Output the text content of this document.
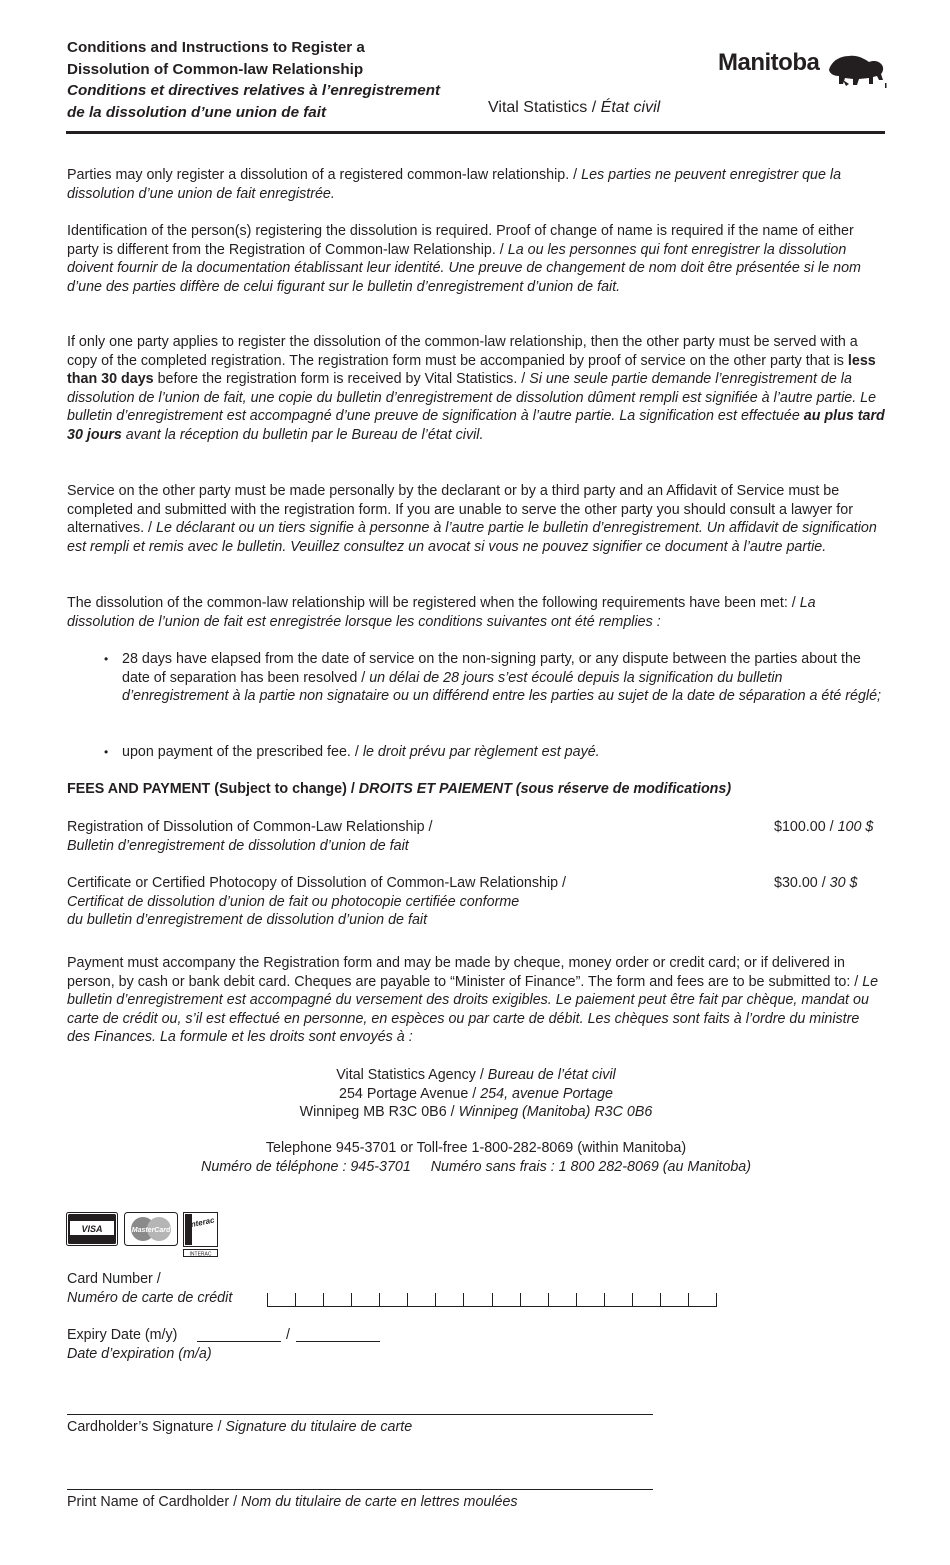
Conditions and Instructions to Register a
Dissolution of Common-law Relationship
Conditions et directives relatives à l’enregistrement
de la dissolution d’une union de fait	Vital Statistics / État civil
Manitoba
Parties may only register a dissolution of a registered common-law relationship. / Les parties ne peuvent enregistrer que la dissolution d’une union de fait enregistrée.
Identification of the person(s) registering the dissolution is required. Proof of change of name is required if the name of either party is different from the Registration of Common-law Relationship. / La ou les personnes qui font enregistrer la dissolution doivent fournir de la documentation établissant leur identité. Une preuve de changement de nom doit être présentée si le nom d’une des parties diffère de celui figurant sur le bulletin d’enregistrement d’union de fait.
If only one party applies to register the dissolution of the common-law relationship, then the other party must be served with a copy of the completed registration. The registration form must be accompanied by proof of service on the other party that is less than 30 days before the registration form is received by Vital Statistics. / Si une seule partie demande l’enregistrement de la dissolution de l’union de fait, une copie du bulletin d’enregistrement de dissolution dûment rempli est signifiée à l’autre partie. Le bulletin d’enregistrement est accompagné d’une preuve de signification à l’autre partie. La signification est effectuée au plus tard 30 jours avant la réception du bulletin par le Bureau de l’état civil.
Service on the other party must be made personally by the declarant or by a third party and an Affidavit of Service must be completed and submitted with the registration form. If you are unable to serve the other party you should consult a lawyer for alternatives. / Le déclarant ou un tiers signifie à personne à l’autre partie le bulletin d’enregistrement. Un affidavit de signification est rempli et remis avec le bulletin. Veuillez consultez un avocat si vous ne pouvez signifier ce document à l’autre partie.
The dissolution of the common-law relationship will be registered when the following requirements have been met: / La dissolution de l’union de fait est enregistrée lorsque les conditions suivantes ont été remplies :
• 28 days have elapsed from the date of service on the non-signing party, or any dispute between the parties about the date of separation has been resolved / un délai de 28 jours s’est écoulé depuis la signification du bulletin d’enregistrement à la partie non signataire ou un différend entre les parties au sujet de la date de séparation a été réglé;
• upon payment of the prescribed fee. / le droit prévu par règlement est payé.
FEES AND PAYMENT (Subject to change) / DROITS ET PAIEMENT (sous réserve de modifications)
Registration of Dissolution of Common-Law Relationship /
Bulletin d’enregistrement de dissolution d’union de fait
$100.00 / 100 $
Certificate or Certified Photocopy of Dissolution of Common-Law Relationship /
Certificat de dissolution d’union de fait ou photocopie certifiée conforme
du bulletin d’enregistrement de dissolution d’union de fait
$30.00 / 30 $
Payment must accompany the Registration form and may be made by cheque, money order or credit card; or if delivered in person, by cash or bank debit card. Cheques are payable to “Minister of Finance”. The form and fees are to be submitted to: / Le bulletin d’enregistrement est accompagné du versement des droits exigibles. Le paiement peut être fait par chèque, mandat ou carte de crédit ou, s’il est effectué en personne, en espèces ou par carte de débit. Les chèques sont faits à l’ordre du ministre des Finances. La formule et les droits sont envoyés à :
Vital Statistics Agency / Bureau de l’état civil
254 Portage Avenue / 254, avenue Portage
Winnipeg MB R3C 0B6 / Winnipeg (Manitoba) R3C 0B6
Telephone 945-3701 or Toll-free 1-800-282-8069 (within Manitoba)
Numéro de téléphone : 945-3701 Numéro sans frais : 1 800 282-8069 (au Manitoba)
VISA	MasterCard
Interac
INTERAC
Card Number /
Numéro de carte de crédit
Expiry Date (m/y)	/
Date d’expiration (m/a)
Cardholder’s Signature / Signature du titulaire de carte
Print Name of Cardholder / Nom du titulaire de carte en lettres moulées
